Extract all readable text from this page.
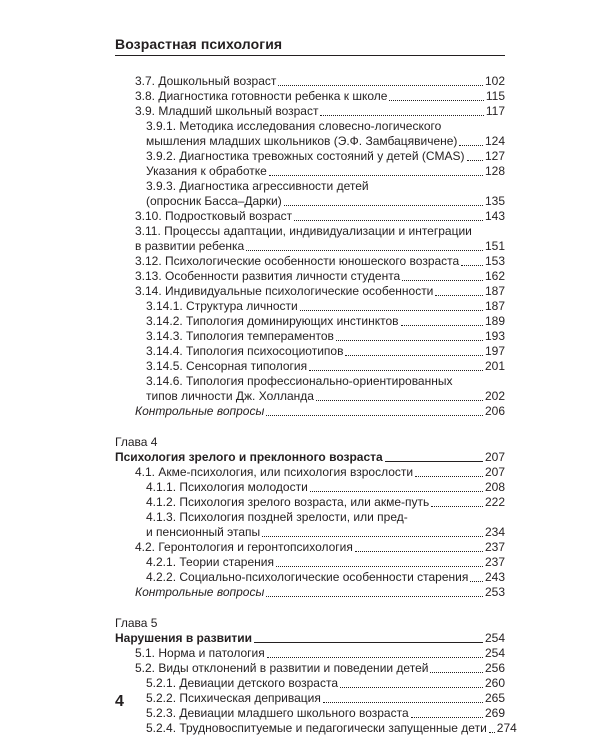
Возрастная психология
3.7. Дошкольный возраст	102
3.8. Диагностика готовности ребенка к школе	115
3.9. Младший школьный возраст	117
3.9.1. Методика исследования словесно-логического
мышления младших школьников (Э.Ф. Замбацявичене) 124
3.9.2. Диагностика тревожных состояний у детей (CMAS) 127
Указания к обработке	128
3.9.3. Диагностика агрессивности детей
(опросник Басса–Дарки)	135
3.10. Подростковый возраст	143
3.11. Процессы адаптации, индивидуализации и интеграции
в развитии ребенка	151
3.12. Психологические особенности юношеского возраста 153
3.13. Особенности развития личности студента	162
3.14. Индивидуальные психологические особенности	187
3.14.1. Структура личности	187
3.14.2. Типология доминирующих инстинктов	189
3.14.3. Типология темпераментов	193
3.14.4. Типология психосоциотипов	197
3.14.5. Сенсорная типология	201
3.14.6. Типология профессионально-ориентированных
типов личности Дж. Холланда	202
Контрольные вопросы	206
Глава 4
Психология зрелого и преклонного возраста	207
4.1. Акме-психология, или психология взрослости	207
4.1.1. Психология молодости	208
4.1.2. Психология зрелого возраста, или акме-путь	222
4.1.3. Психология поздней зрелости, или пред-
и пенсионный этапы	234
4.2. Геронтология и геронтопсихология	237
4.2.1. Теории старения	237
4.2.2. Социально-психологические особенности старения 243
Контрольные вопросы	253
Глава 5
Нарушения в развитии	254
5.1. Норма и патология	254
5.2. Виды отклонений в развитии и поведении детей	256
5.2.1. Девиации детского возраста	260
5.2.2. Психическая депривация	265
5.2.3. Девиации младшего школьного возраста	269
5.2.4. Трудновоспитуемые и педагогически запущенные дети 274
4
